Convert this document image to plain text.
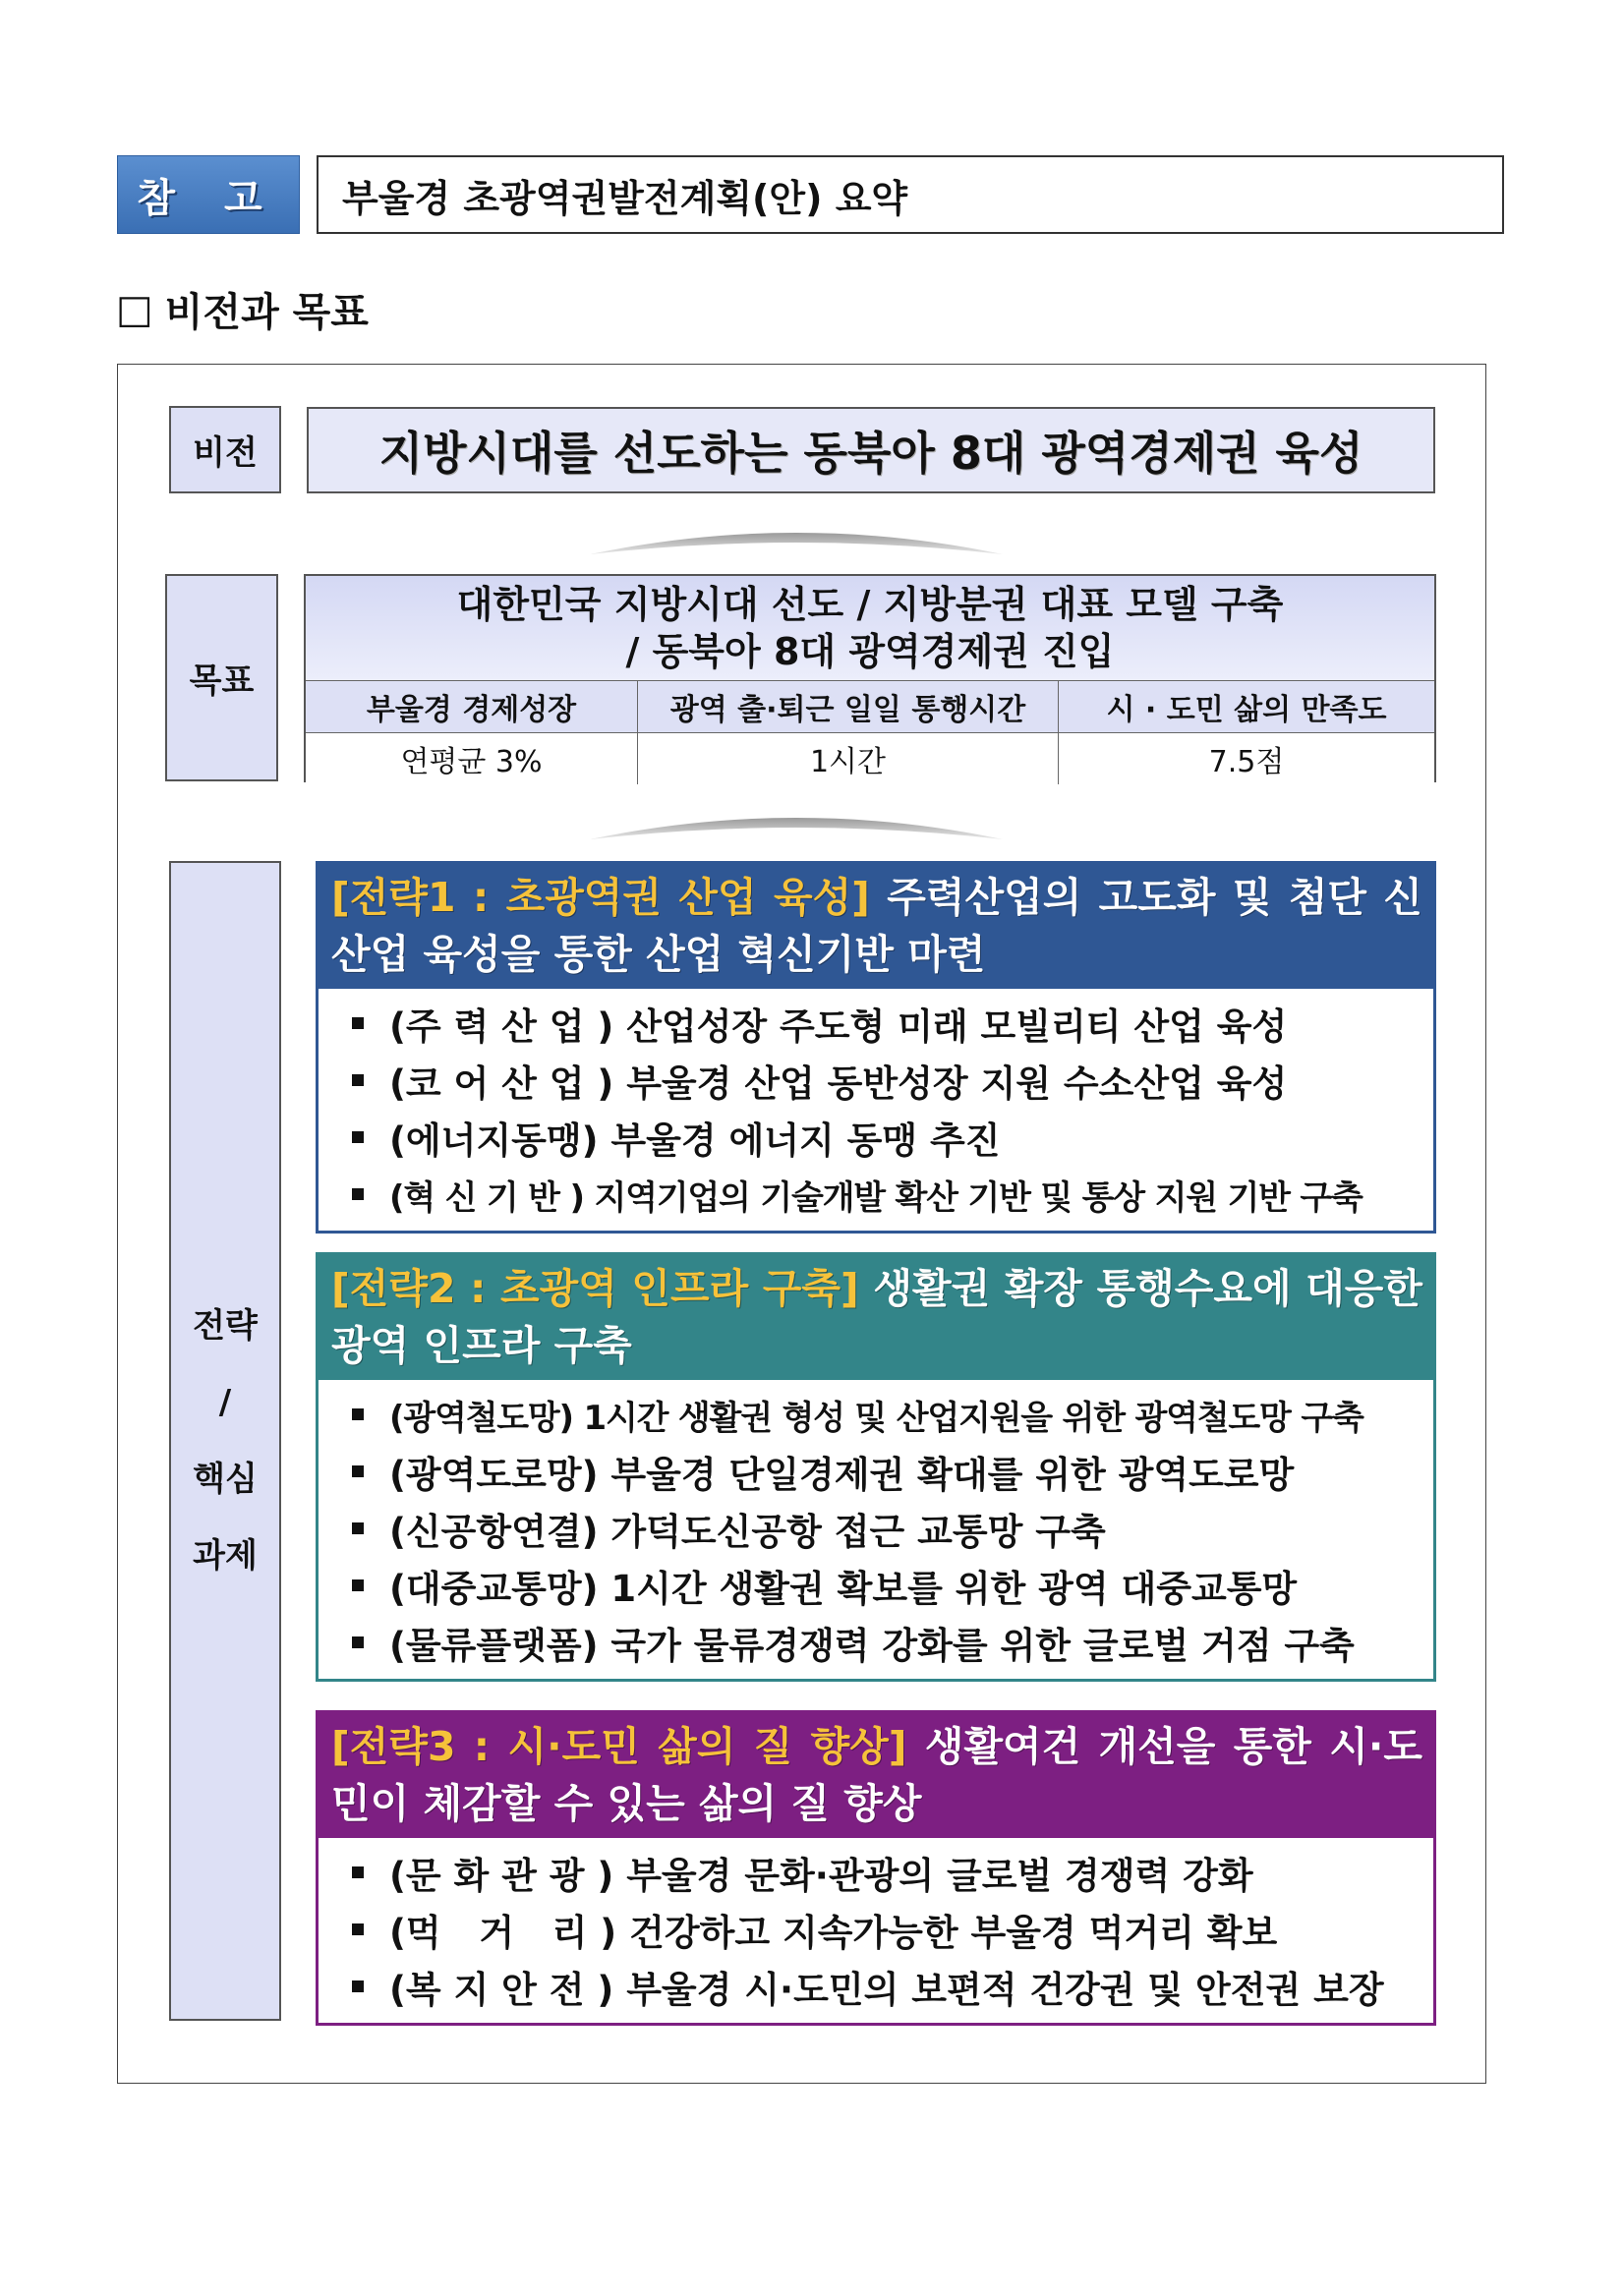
참 고	부울경 초광역권발전계획(안) 요약
□ 비전과 목표
비전	지방시대를 선도하는 동북아 8대 광역경제권 육성
목표
대한민국 지방시대 선도 / 지방분권 대표 모델 구축
/ 동북아 8대 광역경제권 진입
부울경 경제성장	광역 출·퇴근 일일 통행시간	시 · 도민 삶의 만족도
연평균 3%	1시간	7.5점
전략
/
핵심
과제
[전략1 : 초광역권 산업 육성] 주력산업의 고도화 및 첨단 신산업 육성을 통한 산업 혁신기반 마련
(주 력 산 업 ) 산업성장 주도형 미래 모빌리티 산업 육성
(코 어 산 업 ) 부울경 산업 동반성장 지원 수소산업 육성
(에너지동맹) 부울경 에너지 동맹 추진
(혁 신 기 반 ) 지역기업의 기술개발 확산 기반 및 통상 지원 기반 구축
[전략2 : 초광역 인프라 구축] 생활권 확장 통행수요에 대응한 광역 인프라 구축
(광역철도망) 1시간 생활권 형성 및 산업지원을 위한 광역철도망 구축
(광역도로망) 부울경 단일경제권 확대를 위한 광역도로망
(신공항연결) 가덕도신공항 접근 교통망 구축
(대중교통망) 1시간 생활권 확보를 위한 광역 대중교통망
(물류플랫폼) 국가 물류경쟁력 강화를 위한 글로벌 거점 구축
[전략3 : 시·도민 삶의 질 향상] 생활여건 개선을 통한 시·도민이 체감할 수 있는 삶의 질 향상
(문 화 관 광 ) 부울경 문화·관광의 글로벌 경쟁력 강화
(먹   거   리 ) 건강하고 지속가능한 부울경 먹거리 확보
(복 지 안 전 ) 부울경 시·도민의 보편적 건강권 및 안전권 보장
